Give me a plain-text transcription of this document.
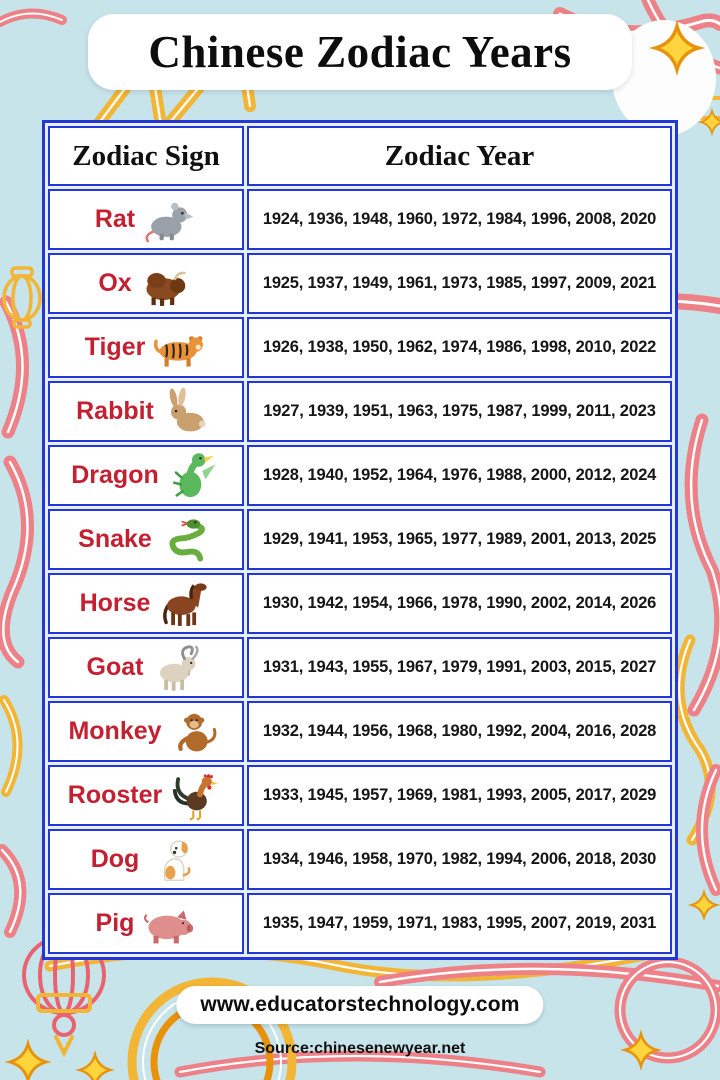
Chinese Zodiac Years
Zodiac Sign	Zodiac Year

Rat	1924, 1936, 1948, 1960, 1972, 1984, 1996, 2008, 2020

Ox	1925, 1937, 1949, 1961, 1973, 1985, 1997, 2009, 2021

Tiger	1926, 1938, 1950, 1962, 1974, 1986, 1998, 2010, 2022

Rabbit	1927, 1939, 1951, 1963, 1975, 1987, 1999, 2011, 2023

Dragon	1928, 1940, 1952, 1964, 1976, 1988, 2000, 2012, 2024

Snake	1929, 1941, 1953, 1965, 1977, 1989, 2001, 2013, 2025

Horse	1930, 1942, 1954, 1966, 1978, 1990, 2002, 2014, 2026

Goat	1931, 1943, 1955, 1967, 1979, 1991, 2003, 2015, 2027

Monkey	1932, 1944, 1956, 1968, 1980, 1992, 2004, 2016, 2028

Rooster	1933, 1945, 1957, 1969, 1981, 1993, 2005, 2017, 2029

Dog	1934, 1946, 1958, 1970, 1982, 1994, 2006, 2018, 2030

Pig	1935, 1947, 1959, 1971, 1983, 1995, 2007, 2019, 2031
www.educatorstechnology.com
Source:chinesenewyear.net
